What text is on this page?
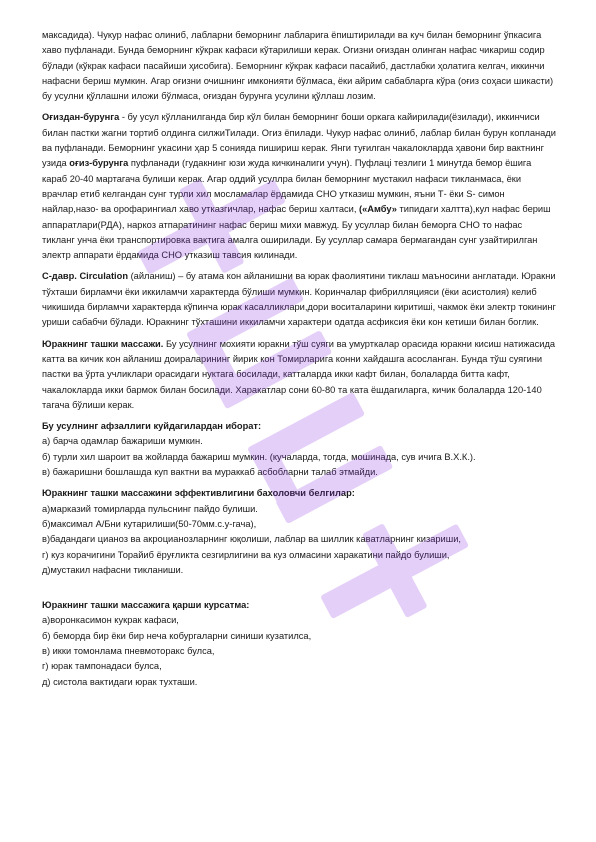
максадида). Чукур нафас олиниб, лабларни беморнинг лабларига ёпиштирилади ва куч билан беморнинг ўпкасига хаво пуфланади. Бунда беморнинг кўкрак кафаси кўтарилиши керак. Огизни оғиздан олинган нафас чикариш содир бўлади (кўкрак кафаси пасайиши ҳисобига). Беморнинг кўкрак кафаси пасайиб, дастлабки ҳолатига келгач, иккинчи нафасни бериш мумкин. Агар оғизни очишнинг имконияти бўлмаса, ёки айрим сабабларга кўра (оғиз соҳаси шикасти) бу усулни қўллашни иложи бўлмаса, оғиздан бурунга усулини қўллаш лозим.

Оғиздан-бурунга - бу усул кўлланилганда бир кўл билан беморнинг боши оркага кайирилади(ёзилади), иккинчиси билан пастки жагни тортиб олдинга силжиТилади. Огиз ёпилади. Чукур нафас олиниб, лаблар билан бурун копланади ва пуфланади. Беморнинг укасини ҳар 5 сонияда пишириш керак. Янги туғилган чакалокларда ҳавони бир вактнинг узида оғиз-бурунга пуфланади (гудакнинг юзи жуда кичкиналиги учун). Пуфлаці тезлиги 1 минутда бемор ёшига караб 20-40 мартагача булиши керак. Агар оддий усуллра билан беморнинг мустакил нафаси тикланмаса, ёки врачлар етиб келгандан сунг турли хил мосламалар ёрдамида СНО утказиш мумкин, яъни Т- ёки S- симон найлар,назо- ва орофарингиал хаво утказгичлар, нафас бериш халтаси, («Амбу» типидаги халтта),кул нафас бериш аппаратлари(РДА), наркоз атпаратининг нафас бериш михи мавжуд. Бу усуллар билан беморга СНО то нафас тикланг унча ёки транспортировка вактига амалга оширилади. Бу усуллар самара бермагандан сунг узайтирилган электр аппарати ёрдамида СНО утказиш тавсия килинади.

С-давр. Circulation (айланиш) – бу атама кон айланишни ва юрак фаолиятини тиклаш маъносини англатади. Юракни тўхташи бирламчи ёки иккиламчи характерда бўлиши мумкин. Коринчалар фибрилляцияси (ёки асистолия) келиб чикишида бирламчи характерда кўпинча юрак касалликлари,дори воситаларини киритиші, чакмок ёки электр токининг уриши сабабчи бўлади. Юракнинг тўхташини иккиламчи характери одатда асфиксия ёки кон кетиши билан боглик.

Юракнинг ташки массажи. Бу усулнинг мохияти юракни тўш суяги ва умурткалар орасида юракни кисиш натижасида катта ва кичик кон айланиш доираларининг йирик кон Томирларига конни хайдашга асосланган. Бунда тўш суягини пастки ва ўрта учликлари орасидаги нуктага босилади, катталарда икки кафт билан, болаларда битта кафт, чакалокларда икки бармок билан босилади. Харакатлар сони 60-80 та ката ёшдагиларга, кичик болаларда 120-140 тагача бўлиши керак.

Бу усулнинг афзаллиги куйдагилардан иборат:
а) барча одамлар бажариши мумкин.
б) турли хил шароит ва жойларда бажариш мумкин. (кучаларда, тогда, мошинада, сув ичига В.Х.К.).
в) бажаришни бошлашда куп вактни ва мураккаб асбобларни талаб этмайди.
Юракнинг ташки массажини эффективлигини бахоловчи белгилар:
а)марказий томирларда пульснинг пайдо булиши.
б)максимал А/Бни кутарилиши(50-70мм.с.у-гача),
в)бадандаги цианоз ва акроцианозларнинг юқолиши, лаблар ва шиллик каватларнинг кизариши,
г) куз корачигини Торайиб ёруғликта сезгирлигини ва куз олмасини харакатини пайдо булиши,
д)мустакил нафасни тикланиши.
Юракнинг ташки массажига қарши курсатма:
а)воронкасимон кукрак кафаси,
б) беморда бир ёки бир неча кобургаларни синиши кузатилса,
в) икки томонлама пневмоторакс булса,
г) юрак тампонадаси булса,
д) систола вактидаги юрак тухташи.
